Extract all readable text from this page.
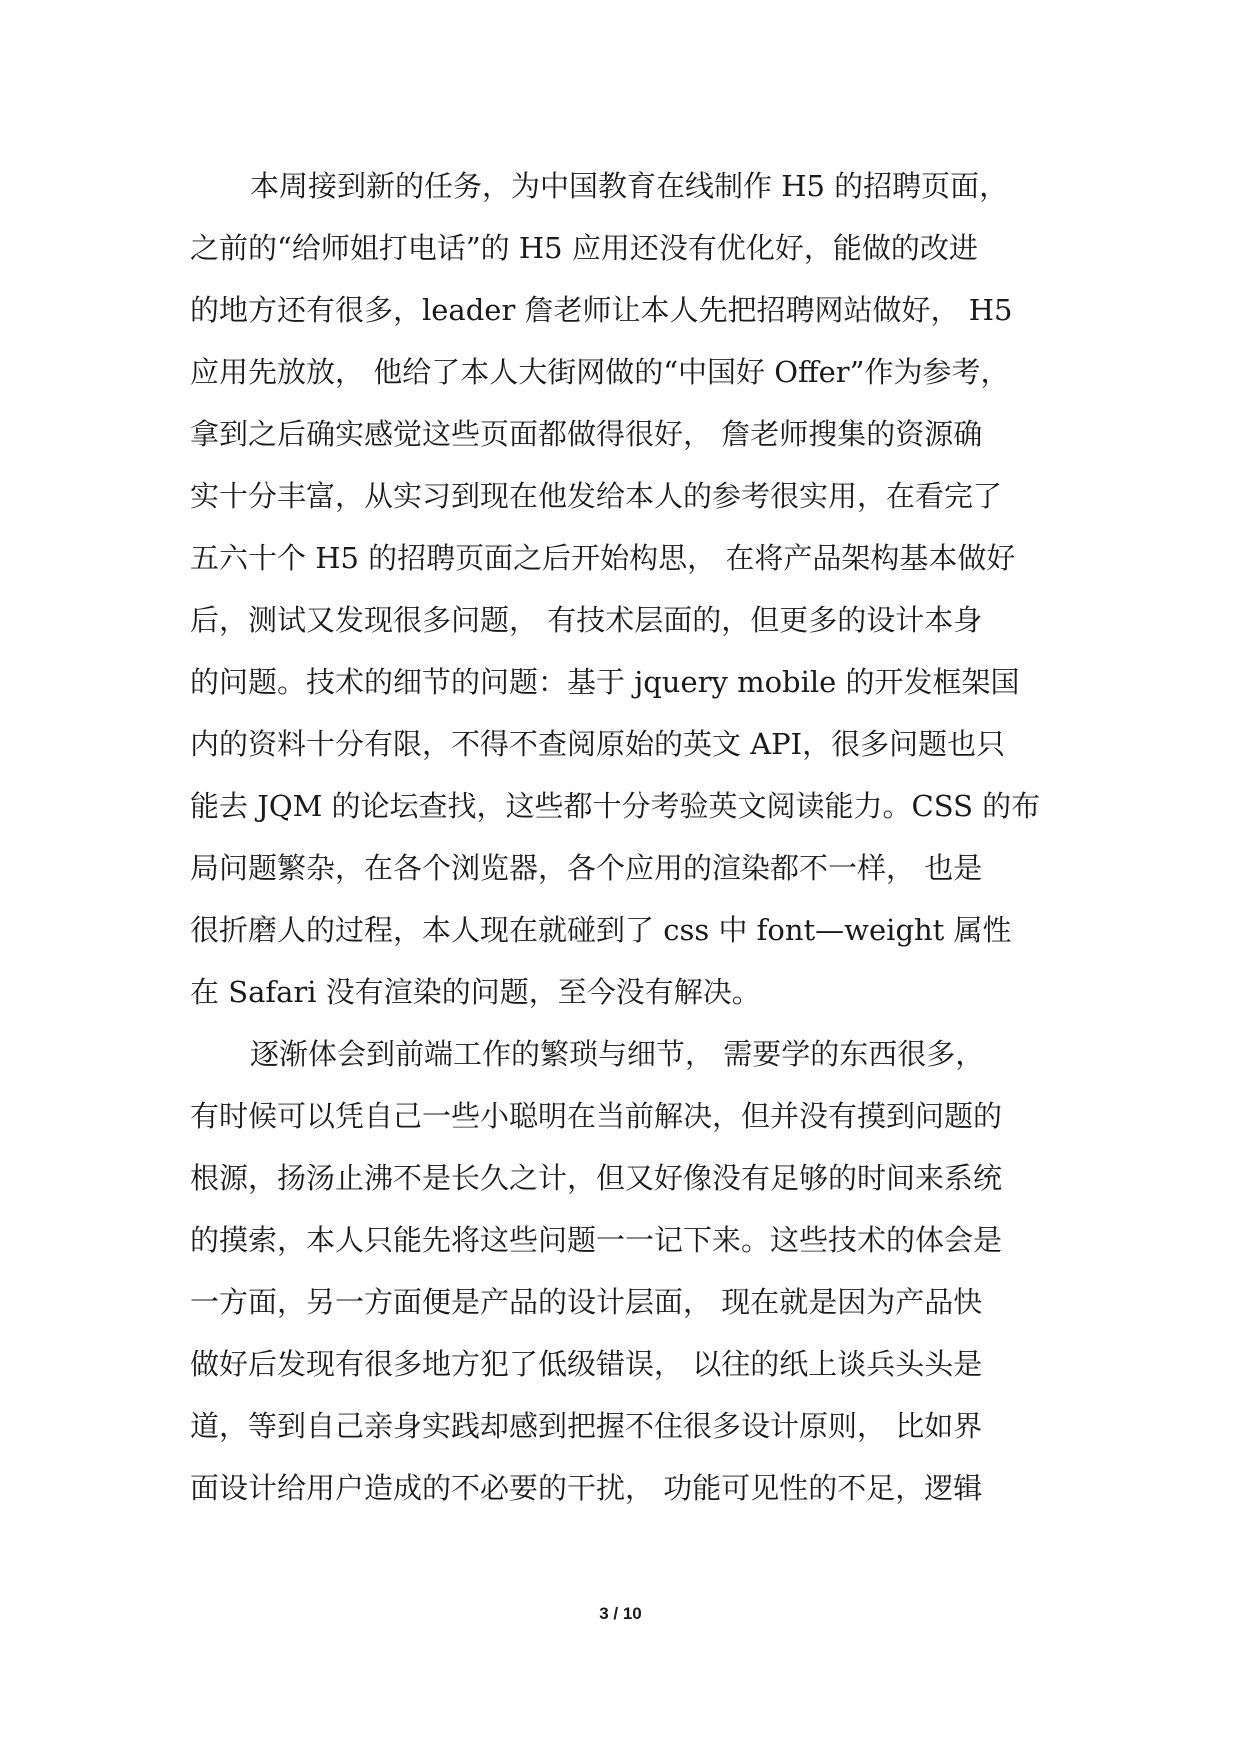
本周接到新的任务，为中国教育在线制作 H5 的招聘页面，
之前的“给师姐打电话”的 H5 应用还没有优化好，能做的改进
的地方还有很多，leader 詹老师让本人先把招聘网站做好， H5
应用先放放， 他给了本人大街网做的“中国好 Offer”作为参考，
拿到之后确实感觉这些页面都做得很好， 詹老师搜集的资源确
实十分丰富，从实习到现在他发给本人的参考很实用，在看完了
五六十个 H5 的招聘页面之后开始构思， 在将产品架构基本做好
后，测试又发现很多问题， 有技术层面的，但更多的设计本身
的问题。技术的细节的问题：基于 jquery mobile 的开发框架国
内的资料十分有限，不得不查阅原始的英文 API，很多问题也只
能去 JQM 的论坛查找，这些都十分考验英文阅读能力。CSS 的布
局问题繁杂，在各个浏览器，各个应用的渲染都不一样， 也是
很折磨人的过程，本人现在就碰到了 css 中 font—weight 属性
在 Safari 没有渲染的问题，至今没有解决。
逐渐体会到前端工作的繁琐与细节， 需要学的东西很多，
有时候可以凭自己一些小聪明在当前解决，但并没有摸到问题的
根源，扬汤止沸不是长久之计，但又好像没有足够的时间来系统
的摸索，本人只能先将这些问题一一记下来。这些技术的体会是
一方面，另一方面便是产品的设计层面， 现在就是因为产品快
做好后发现有很多地方犯了低级错误， 以往的纸上谈兵头头是
道，等到自己亲身实践却感到把握不住很多设计原则， 比如界
面设计给用户造成的不必要的干扰， 功能可见性的不足，逻辑
3 / 10
